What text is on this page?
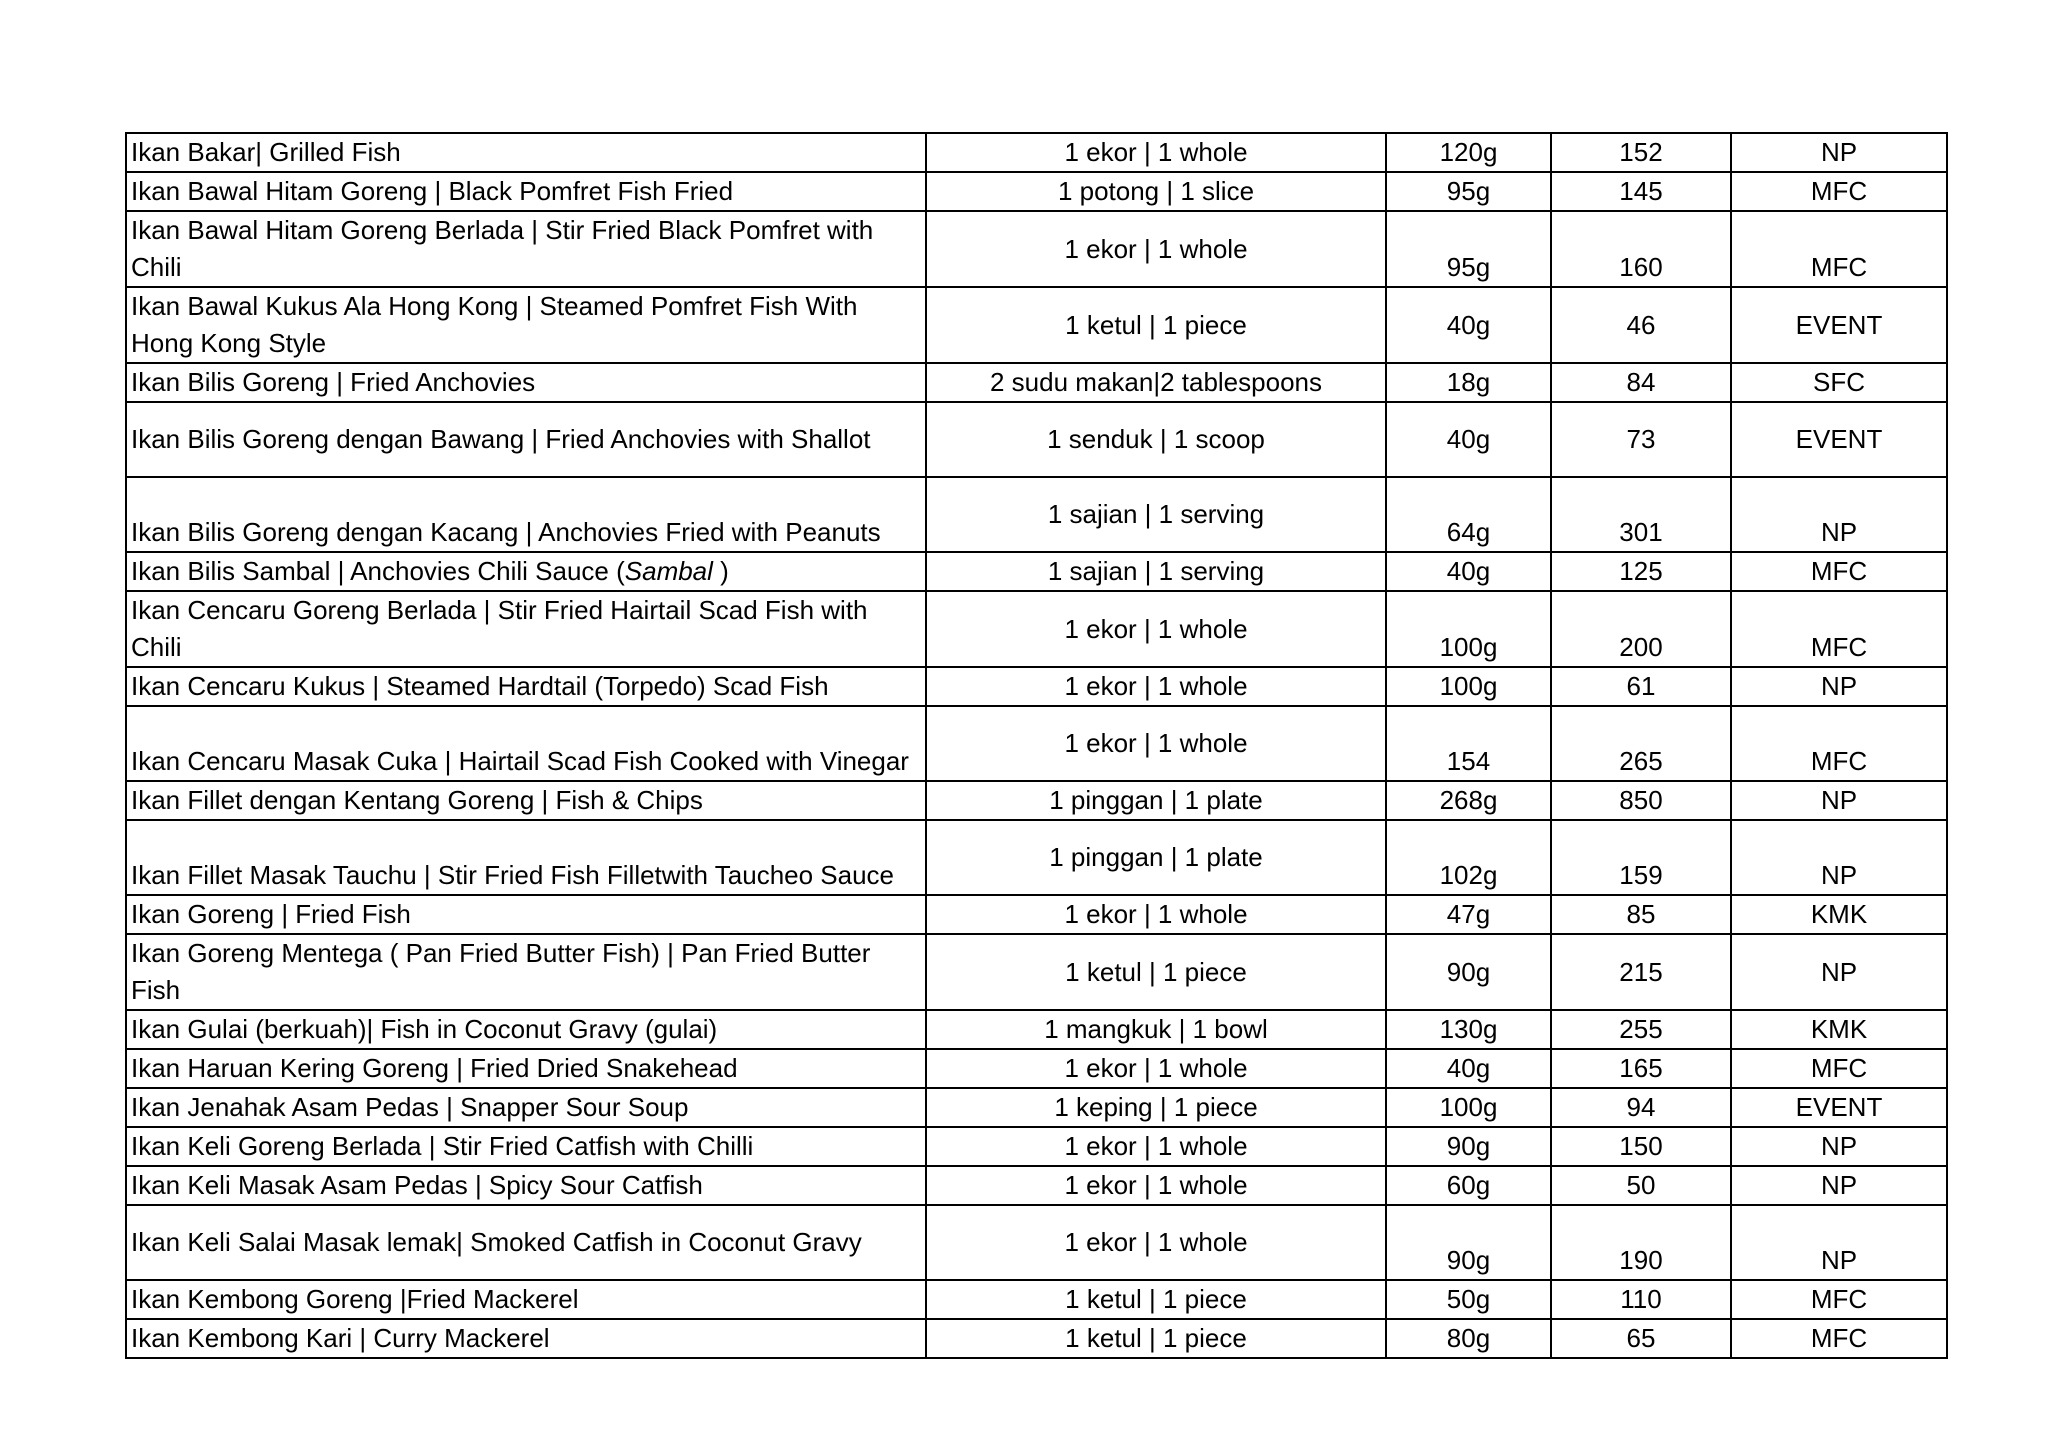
Ikan Bakar| Grilled Fish	1 ekor | 1 whole	120g	152	NP
Ikan Bawal Hitam Goreng | Black Pomfret Fish Fried	1 potong | 1 slice	95g	145	MFC
Ikan Bawal Hitam Goreng Berlada | Stir Fried Black Pomfret with Chili	1 ekor | 1 whole	95g	160	MFC
Ikan Bawal Kukus Ala Hong Kong | Steamed Pomfret Fish With Hong Kong Style	1 ketul | 1 piece	40g	46	EVENT
Ikan Bilis Goreng | Fried Anchovies	2 sudu makan|2 tablespoons	18g	84	SFC
Ikan Bilis Goreng dengan Bawang | Fried Anchovies with Shallot	1 senduk | 1 scoop	40g	73	EVENT
Ikan Bilis Goreng dengan Kacang | Anchovies Fried with Peanuts	1 sajian | 1 serving	64g	301	NP
Ikan Bilis Sambal | Anchovies Chili Sauce (Sambal )	1 sajian | 1 serving	40g	125	MFC
Ikan Cencaru Goreng Berlada | Stir Fried Hairtail Scad Fish with Chili	1 ekor | 1 whole	100g	200	MFC
Ikan Cencaru Kukus | Steamed Hardtail (Torpedo) Scad Fish	1 ekor | 1 whole	100g	61	NP
Ikan Cencaru Masak Cuka | Hairtail Scad Fish Cooked with Vinegar	1 ekor | 1 whole	154	265	MFC
Ikan Fillet dengan Kentang Goreng | Fish & Chips	1 pinggan | 1 plate	268g	850	NP
Ikan Fillet Masak Tauchu | Stir Fried Fish Filletwith Taucheo Sauce	1 pinggan | 1 plate	102g	159	NP
Ikan Goreng | Fried Fish	1 ekor | 1 whole	47g	85	KMK
Ikan Goreng Mentega ( Pan Fried Butter Fish) | Pan Fried Butter Fish	1 ketul | 1 piece	90g	215	NP
Ikan Gulai (berkuah)| Fish in Coconut Gravy (gulai)	1 mangkuk | 1 bowl	130g	255	KMK
Ikan Haruan Kering Goreng | Fried Dried Snakehead	1 ekor | 1 whole	40g	165	MFC
Ikan Jenahak Asam Pedas | Snapper Sour Soup	1 keping | 1 piece	100g	94	EVENT
Ikan Keli Goreng Berlada | Stir Fried Catfish with Chilli	1 ekor | 1 whole	90g	150	NP
Ikan Keli Masak Asam Pedas | Spicy Sour Catfish	1 ekor | 1 whole	60g	50	NP
Ikan Keli Salai Masak lemak| Smoked Catfish in Coconut Gravy	1 ekor | 1 whole	90g	190	NP
Ikan Kembong Goreng |Fried Mackerel	1 ketul | 1 piece	50g	110	MFC
Ikan Kembong Kari | Curry Mackerel	1 ketul | 1 piece	80g	65	MFC
